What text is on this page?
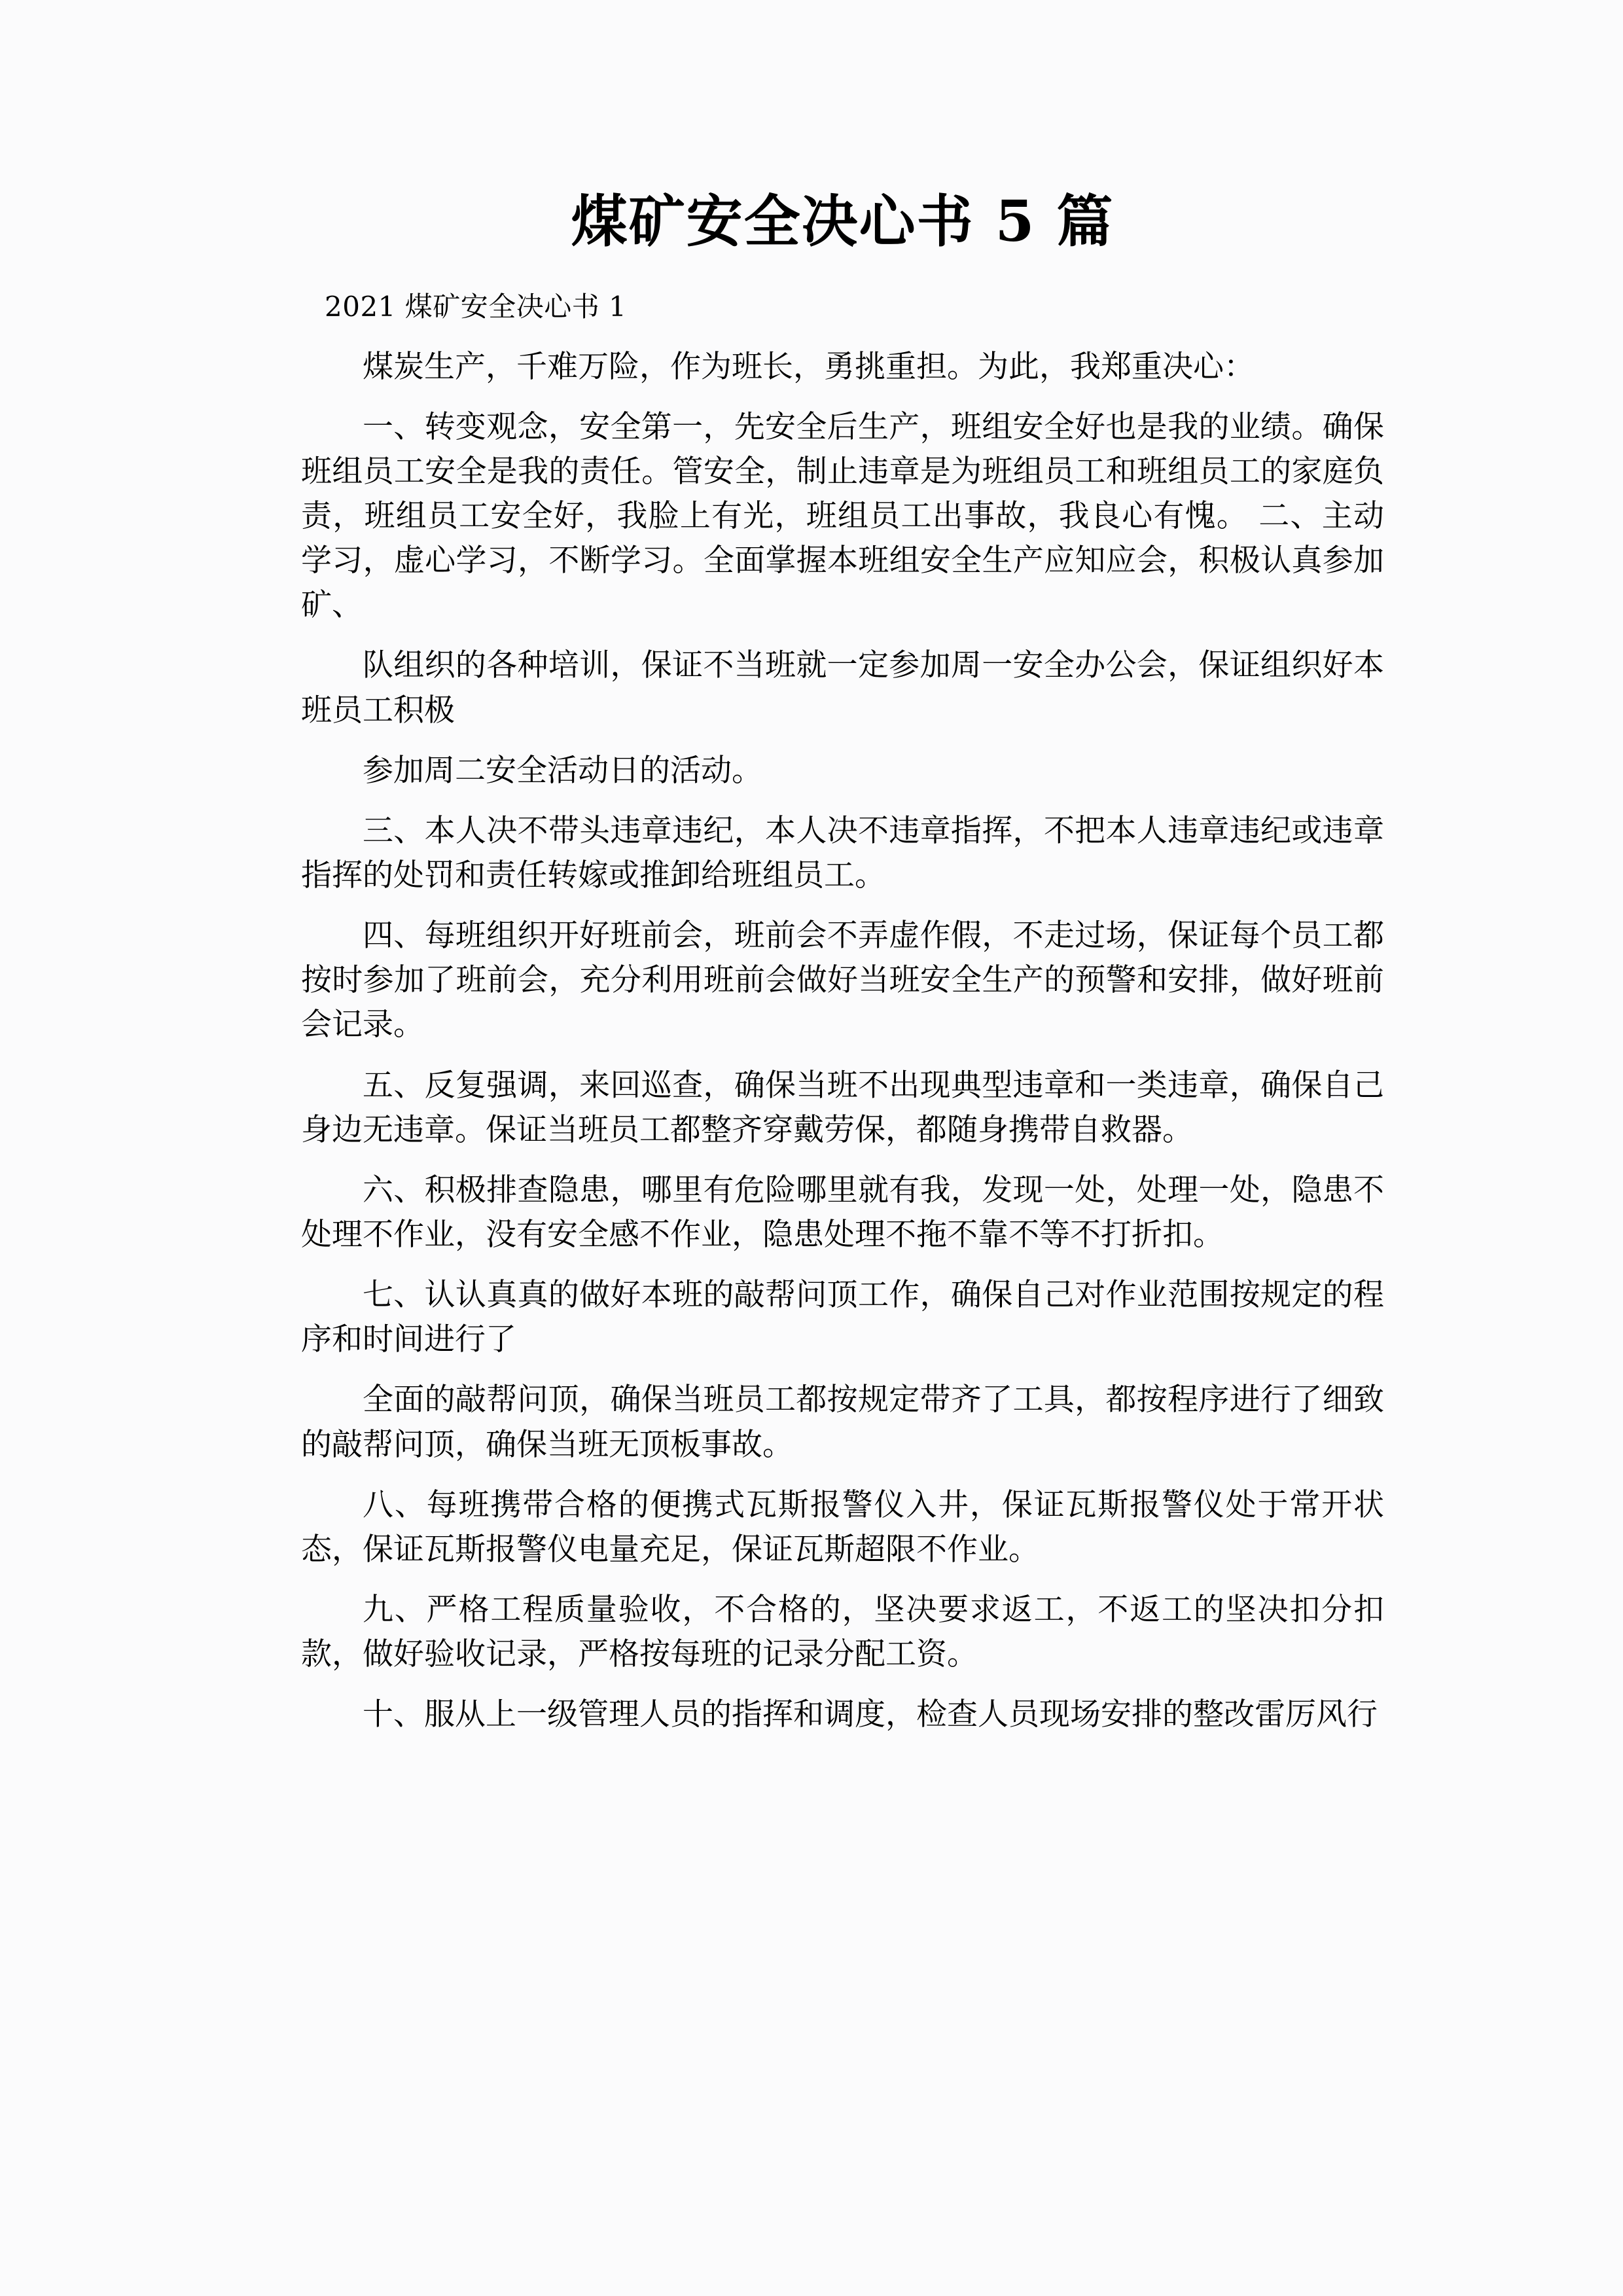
煤矿安全决心书 5 篇

2021 煤矿安全决心书 1

煤炭生产，千难万险，作为班长，勇挑重担。为此，我郑重决心：

一、转变观念，安全第一，先安全后生产，班组安全好也是我的业绩。确保班组员工安全是我的责任。管安全，制止违章是为班组员工和班组员工的家庭负责，班组员工安全好，我脸上有光，班组员工出事故，我良心有愧。 二、主动学习，虚心学习，不断学习。全面掌握本班组安全生产应知应会，积极认真参加矿、

队组织的各种培训，保证不当班就一定参加周一安全办公会，保证组织好本班员工积极

参加周二安全活动日的活动。

三、本人决不带头违章违纪，本人决不违章指挥，不把本人违章违纪或违章指挥的处罚和责任转嫁或推卸给班组员工。

四、每班组织开好班前会，班前会不弄虚作假，不走过场，保证每个员工都按时参加了班前会，充分利用班前会做好当班安全生产的预警和安排，做好班前会记录。

五、反复强调，来回巡查，确保当班不出现典型违章和一类违章，确保自己身边无违章。保证当班员工都整齐穿戴劳保，都随身携带自救器。

六、积极排查隐患，哪里有危险哪里就有我，发现一处，处理一处，隐患不处理不作业，没有安全感不作业，隐患处理不拖不靠不等不打折扣。

七、认认真真的做好本班的敲帮问顶工作，确保自己对作业范围按规定的程序和时间进行了

全面的敲帮问顶，确保当班员工都按规定带齐了工具，都按程序进行了细致的敲帮问顶，确保当班无顶板事故。

八、每班携带合格的便携式瓦斯报警仪入井，保证瓦斯报警仪处于常开状态，保证瓦斯报警仪电量充足，保证瓦斯超限不作业。

九、严格工程质量验收，不合格的，坚决要求返工，不返工的坚决扣分扣款，做好验收记录，严格按每班的记录分配工资。

十、服从上一级管理人员的指挥和调度，检查人员现场安排的整改雷厉风行
